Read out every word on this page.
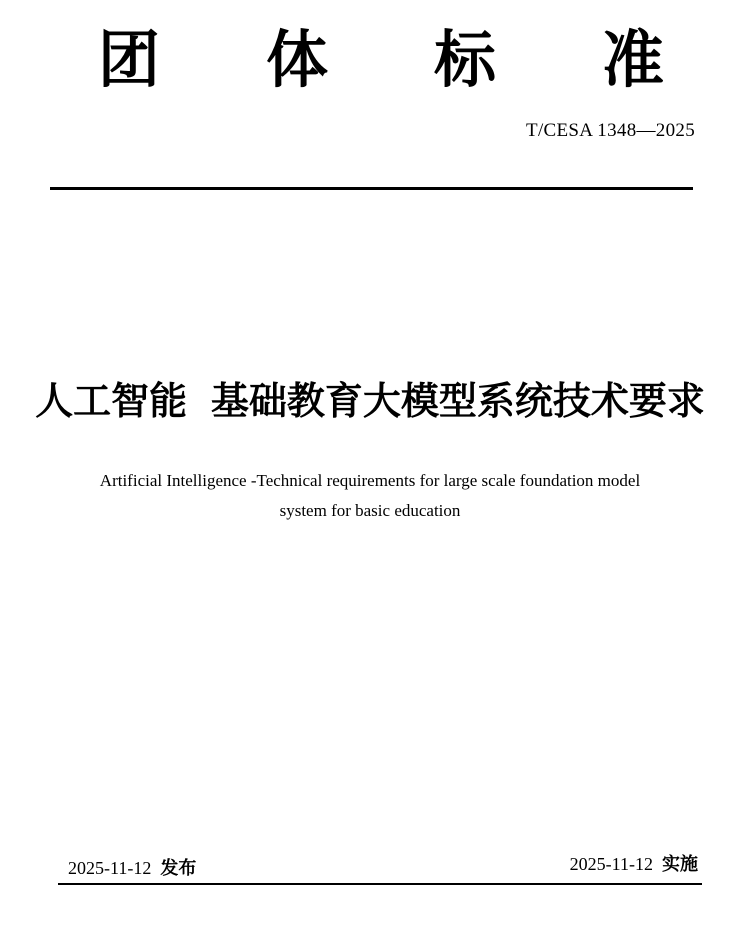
团 体 标 准
T/CESA 1348—2025
人工智能 基础教育大模型系统技术要求
Artificial Intelligence -Technical requirements for large scale foundation model
system for basic education
2025-11-12 发布	2025-11-12 实施
